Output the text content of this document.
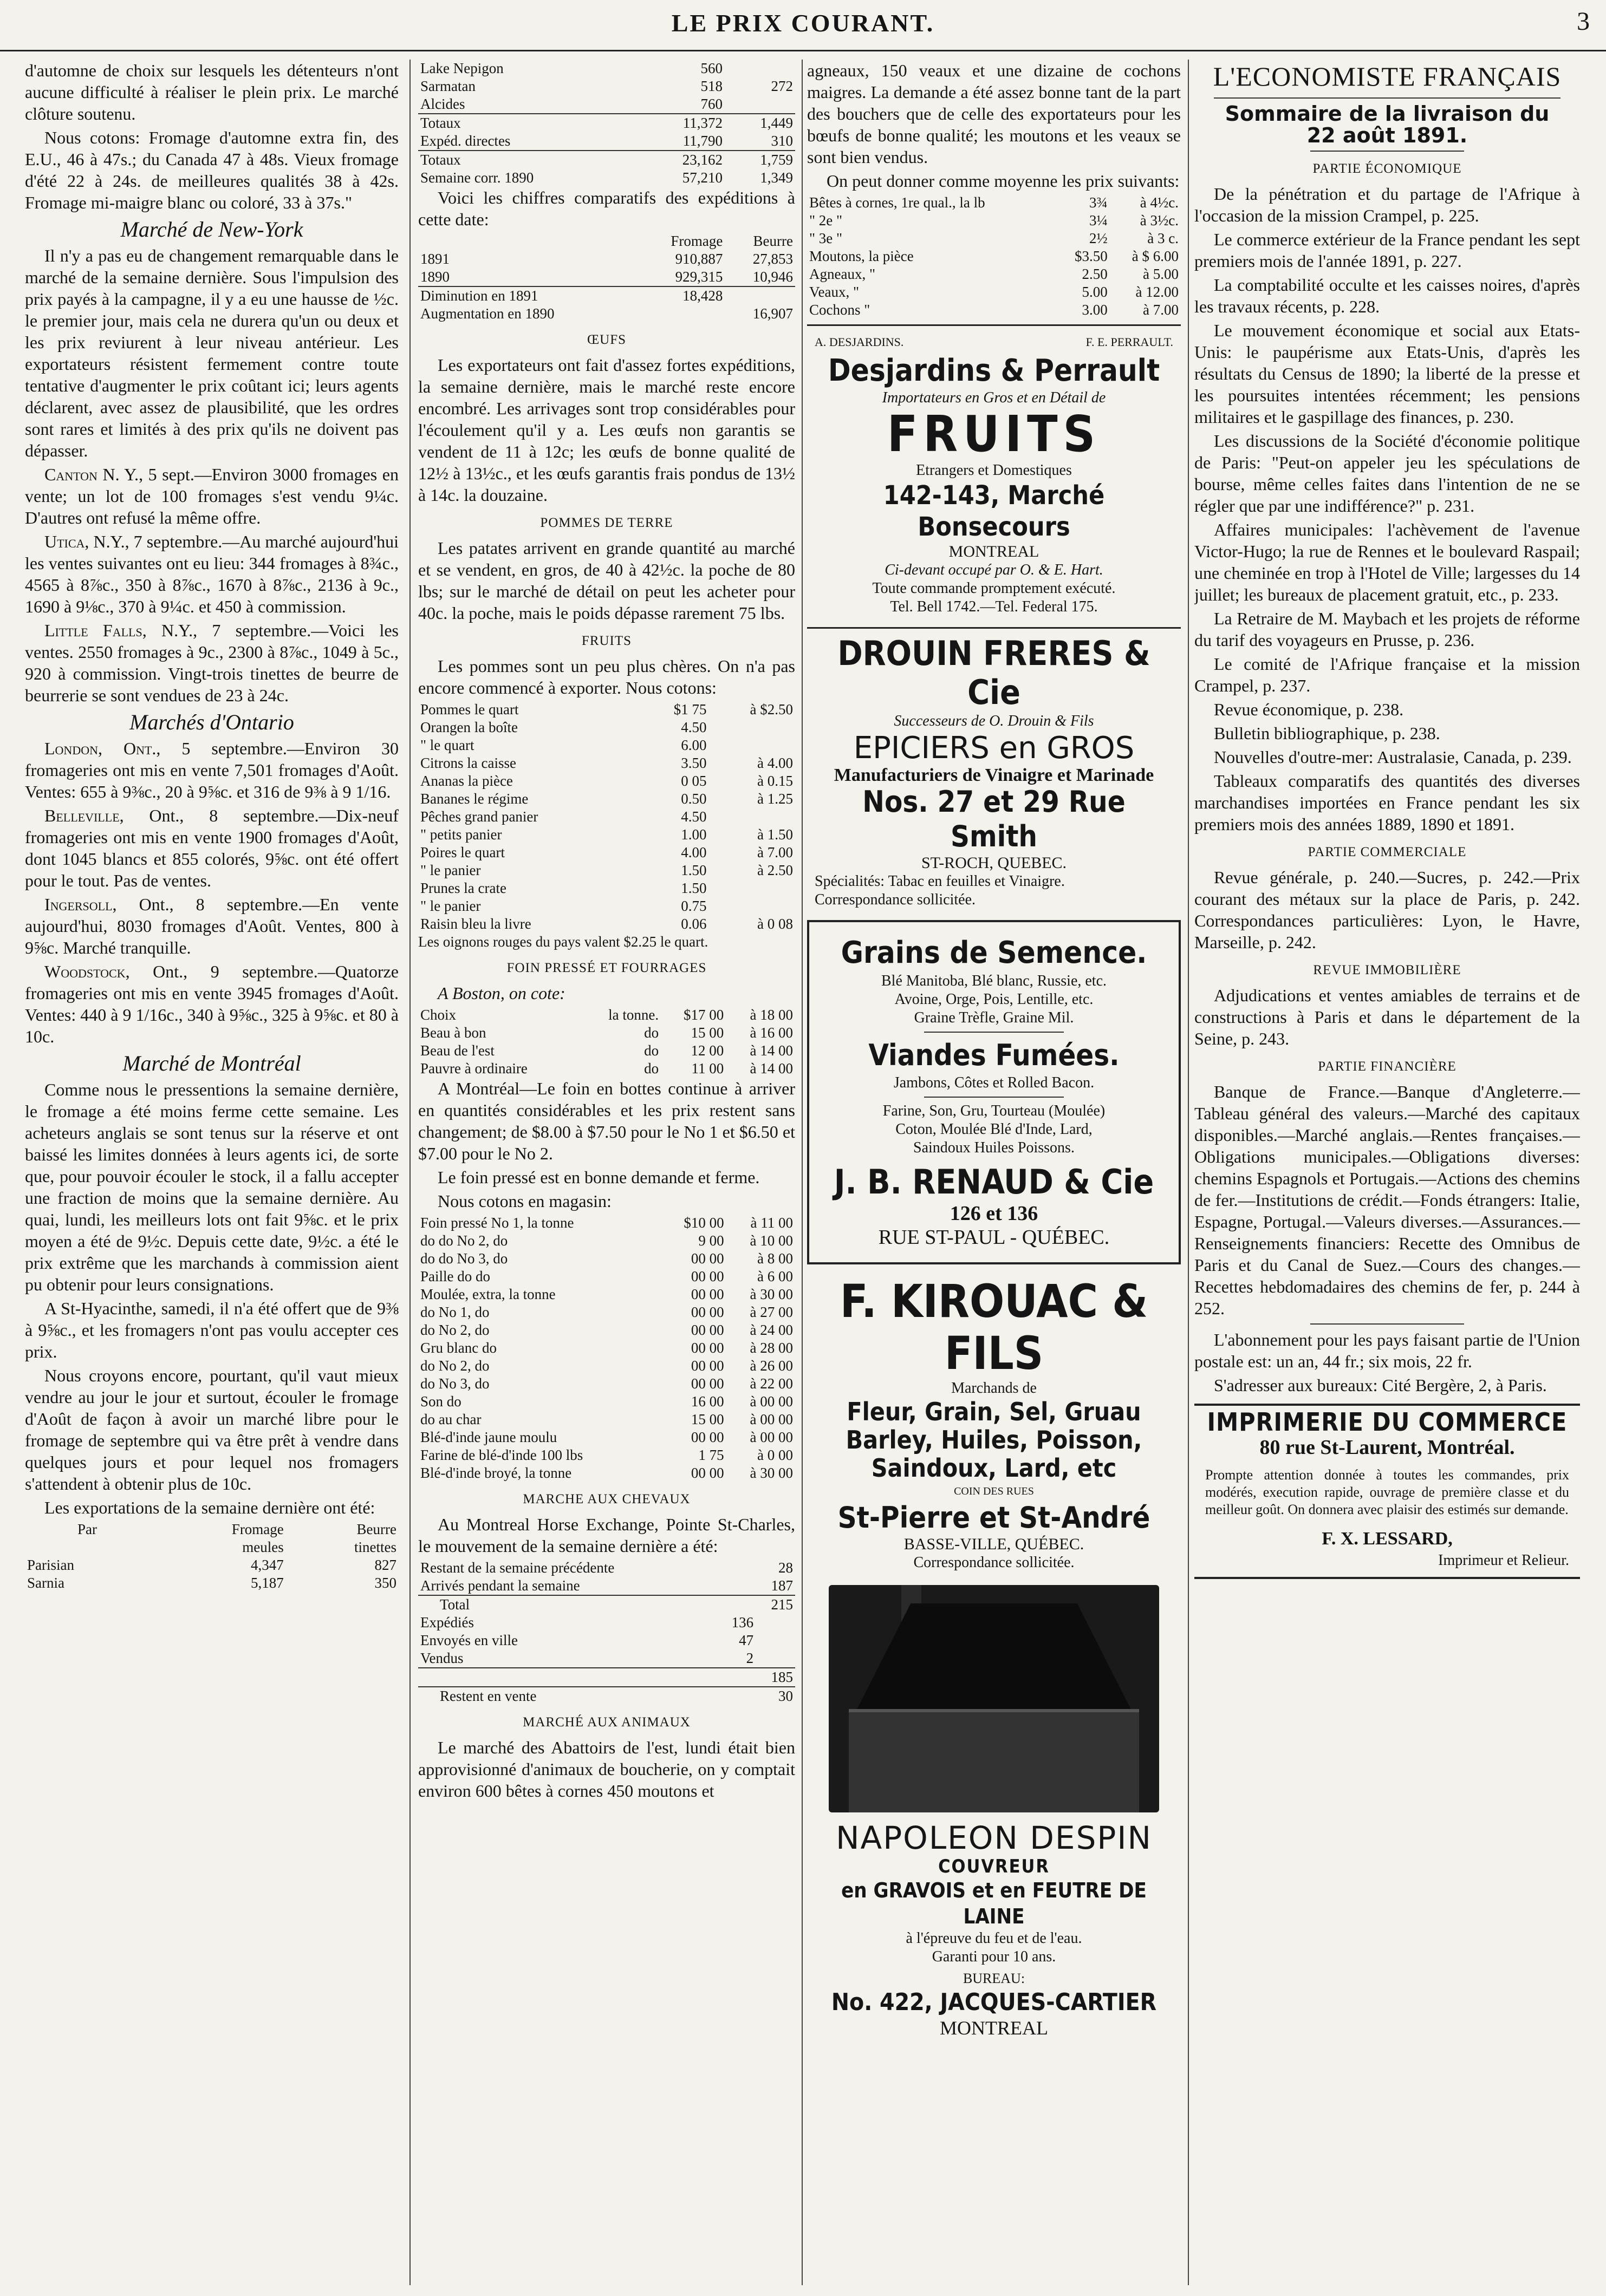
LE PRIX COURANT.	3

d'automne de choix sur lesquels les détenteurs n'ont aucune difficulté à réaliser le plein prix. Le marché clôture soutenu.

Nous cotons: Fromage d'automne extra fin, des E.U., 46 à 47s.; du Canada 47 à 48s. Vieux fromage d'été 22 à 24s. de meilleures qualités 38 à 42s. Fromage mi-maigre blanc ou coloré, 33 à 37s."

Marché de New-York

Il n'y a pas eu de changement remarquable dans le marché de la semaine dernière. Sous l'impulsion des prix payés à la campagne, il y a eu une hausse de ½c. le premier jour, mais cela ne durera qu'un ou deux et les prix reviurent à leur niveau antérieur. Les exportateurs résistent fermement contre toute tentative d'augmenter le prix coûtant ici; leurs agents déclarent, avec assez de plausibilité, que les ordres sont rares et limités à des prix qu'ils ne doivent pas dépasser.

Canton N. Y., 5 sept.—Environ 3000 fromages en vente; un lot de 100 fromages s'est vendu 9¼c. D'autres ont refusé la même offre.

Utica, N.Y., 7 septembre.—Au marché aujourd'hui les ventes suivantes ont eu lieu: 344 fromages à 8¾c., 4565 à 8⅞c., 350 à 8⅞c., 1670 à 8⅞c., 2136 à 9c., 1690 à 9⅛c., 370 à 9¼c. et 450 à commission.

Little Falls, N.Y., 7 septembre.—Voici les ventes. 2550 fromages à 9c., 2300 à 8⅞c., 1049 à 5c., 920 à commission. Vingt-trois tinettes de beurre de beurrerie se sont vendues de 23 à 24c.

Marchés d'Ontario

London, Ont., 5 septembre.—Environ 30 fromageries ont mis en vente 7,501 fromages d'Août. Ventes: 655 à 9⅜c., 20 à 9⅝c. et 316 de 9⅜ à 9 1/16.

Belleville, Ont., 8 septembre.—Dix-neuf fromageries ont mis en vente 1900 fromages d'Août, dont 1045 blancs et 855 colorés, 9⅝c. ont été offert pour le tout. Pas de ventes.

Ingersoll, Ont., 8 septembre.—En vente aujourd'hui, 8030 fromages d'Août. Ventes, 800 à 9⅝c. Marché tranquille.

Woodstock, Ont., 9 septembre.—Quatorze fromageries ont mis en vente 3945 fromages d'Août. Ventes: 440 à 9 1/16c., 340 à 9⅝c., 325 à 9⅝c. et 80 à 10c.

Marché de Montréal

Comme nous le pressentions la semaine dernière, le fromage a été moins ferme cette semaine. Les acheteurs anglais se sont tenus sur la réserve et ont baissé les limites données à leurs agents ici, de sorte que, pour pouvoir écouler le stock, il a fallu accepter une fraction de moins que la semaine dernière. Au quai, lundi, les meilleurs lots ont fait 9⅝c. et le prix moyen a été de 9½c. Depuis cette date, 9½c. a été le prix extrême que les marchands à commission aient pu obtenir pour leurs consignations.

A St-Hyacinthe, samedi, il n'a été offert que de 9⅜ à 9⅝c., et les fromagers n'ont pas voulu accepter ces prix.

Nous croyons encore, pourtant, qu'il vaut mieux vendre au jour le jour et surtout, écouler le fromage d'Août de façon à avoir un marché libre pour le fromage de septembre qui va être prêt à vendre dans quelques jours et pour lequel nos fromagers s'attendent à obtenir plus de 10c.

Les exportations de la semaine dernière ont été:

Par	Fromage	Beurre
	meules	tinettes
Parisian	4,347	827
Sarnia	5,187	350
Lake Nepigon	560	
Sarmatan	518	272
Alcides	760	
Totaux	11,372	1,449
Expéd. directes	11,790	310
Totaux	23,162	1,759
Semaine corr. 1890	57,210	1,349

Voici les chiffres comparatifs des expéditions à cette date:

	Fromage	Beurre
1891	910,887	27,853
1890	929,315	10,946
Diminution en 1891	18,428	
Augmentation en 1890		16,907
ŒUFS

Les exportateurs ont fait d'assez fortes expéditions, la semaine dernière, mais le marché reste encore encombré. Les arrivages sont trop considérables pour l'écoulement qu'il y a. Les œufs non garantis se vendent de 11 à 12c; les œufs de bonne qualité de 12½ à 13½c., et les œufs garantis frais pondus de 13½ à 14c. la douzaine.

POMMES DE TERRE

Les patates arrivent en grande quantité au marché et se vendent, en gros, de 40 à 42½c. la poche de 80 lbs; sur le marché de détail on peut les acheter pour 40c. la poche, mais le poids dépasse rarement 75 lbs.

FRUITS

Les pommes sont un peu plus chères. On n'a pas encore commencé à exporter. Nous cotons:

Pommes le quart	$1 75	à $2.50
Orangen la boîte	4.50	
" le quart	6.00	
Citrons la caisse	3.50	à 4.00
Ananas la pièce	0 05	à 0.15
Bananes le régime	0.50	à 1.25
Pêches grand panier	4.50	
" petits panier	1.00	à 1.50
Poires le quart	4.00	à 7.00
" le panier	1.50	à 2.50
Prunes la crate	1.50	
" le panier	0.75	
Raisin bleu la livre	0.06	à 0 08

Les oignons rouges du pays valent $2.25 le quart.

FOIN PRESSÉ ET FOURRAGES

A Boston, on cote:

Choix	la tonne.	$17 00	à 18 00
Beau à bon	do	15 00	à 16 00
Beau de l'est	do	12 00	à 14 00
Pauvre à ordinaire	do	11 00	à 14 00

A Montréal—Le foin en bottes continue à arriver en quantités considérables et les prix restent sans changement; de $8.00 à $7.50 pour le No 1 et $6.50 et $7.00 pour le No 2.

Le foin pressé est en bonne demande et ferme.

Nous cotons en magasin:

Foin pressé No 1, la tonne	$10 00	à 11 00
do do No 2, do	9 00	à 10 00
do do No 3, do	00 00	à 8 00
Paille do do	00 00	à 6 00
Moulée, extra, la tonne	00 00	à 30 00
do No 1, do	00 00	à 27 00
do No 2, do	00 00	à 24 00
Gru blanc do	00 00	à 28 00
do No 2, do	00 00	à 26 00
do No 3, do	00 00	à 22 00
Son do	16 00	à 00 00
do au char	15 00	à 00 00
Blé-d'inde jaune moulu	00 00	à 00 00
Farine de blé-d'inde 100 lbs	1 75	à 0 00
Blé-d'inde broyé, la tonne	00 00	à 30 00
MARCHE AUX CHEVAUX

Au Montreal Horse Exchange, Pointe St-Charles, le mouvement de la semaine dernière a été:

Restant de la semaine précédente		28
Arrivés pendant la semaine		187
Total		215
Expédiés	136	
Envoyés en ville	47	
Vendus	2	
		185
Restent en vente		30
MARCHÉ AUX ANIMAUX

Le marché des Abattoirs de l'est, lundi était bien approvisionné d'animaux de boucherie, on y comptait environ 600 bêtes à cornes 450 moutons et

agneaux, 150 veaux et une dizaine de cochons maigres. La demande a été assez bonne tant de la part des bouchers que de celle des exportateurs pour les bœufs de bonne qualité; les moutons et les veaux se sont bien vendus.

On peut donner comme moyenne les prix suivants:

Bêtes à cornes, 1re qual., la lb	3¾	à 4½c.
" 2e "	3¼	à 3½c.
" 3e "	2½	à 3 c.
Moutons, la pièce	$3.50	à $ 6.00
Agneaux, "	2.50	à 5.00
Veaux, "	5.00	à 12.00
Cochons "	3.00	à 7.00
A. DESJARDINS.	F. E. PERRAULT.
Desjardins & Perrault
Importateurs en Gros et en Détail de
FRUITS
Etrangers et Domestiques
142-143, Marché Bonsecours
MONTREAL
Ci-devant occupé par O. & E. Hart.
Toute commande promptement exécuté.
Tel. Bell 1742.—Tel. Federal 175.
DROUIN FRERES & Cie
Successeurs de O. Drouin & Fils
EPICIERS en GROS
Manufacturiers de Vinaigre et Marinade
Nos. 27 et 29 Rue Smith
ST-ROCH, QUEBEC.
Spécialités: Tabac en feuilles et Vinaigre.
Correspondance sollicitée.
Grains de Semence.
Blé Manitoba, Blé blanc, Russie, etc.
Avoine, Orge, Pois, Lentille, etc.
Graine Trèfle, Graine Mil.
Viandes Fumées.
Jambons, Côtes et Rolled Bacon.
Farine, Son, Gru, Tourteau (Moulée)
Coton, Moulée Blé d'Inde, Lard,
Saindoux Huiles Poissons.
J. B. RENAUD & Cie
126 et 136
RUE ST-PAUL - QUÉBEC.
F. KIROUAC & FILS
Marchands de
Fleur, Grain, Sel, Gruau
Barley, Huiles, Poisson,
Saindoux, Lard, etc
COIN DES RUES
St-Pierre et St-André
BASSE-VILLE, QUÉBEC.
Correspondance sollicitée.
NAPOLEON DESPIN
COUVREUR
en GRAVOIS et en FEUTRE DE LAINE
à l'épreuve du feu et de l'eau.
Garanti pour 10 ans.
BUREAU:
No. 422, JACQUES-CARTIER
MONTREAL
L'ECONOMISTE FRANÇAIS
Sommaire de la livraison du
22 août 1891.
PARTIE ÉCONOMIQUE

De la pénétration et du partage de l'Afrique à l'occasion de la mission Crampel, p. 225.

Le commerce extérieur de la France pendant les sept premiers mois de l'année 1891, p. 227.

La comptabilité occulte et les caisses noires, d'après les travaux récents, p. 228.

Le mouvement économique et social aux Etats-Unis: le paupérisme aux Etats-Unis, d'après les résultats du Census de 1890; la liberté de la presse et les poursuites intentées récemment; les pensions militaires et le gaspillage des finances, p. 230.

Les discussions de la Société d'économie politique de Paris: "Peut-on appeler jeu les spéculations de bourse, même celles faites dans l'intention de ne se régler que par une indifférence?" p. 231.

Affaires municipales: l'achèvement de l'avenue Victor-Hugo; la rue de Rennes et le boulevard Raspail; une cheminée en trop à l'Hotel de Ville; largesses du 14 juillet; les bureaux de placement gratuit, etc., p. 233.

La Retraire de M. Maybach et les projets de réforme du tarif des voyageurs en Prusse, p. 236.

Le comité de l'Afrique française et la mission Crampel, p. 237.

Revue économique, p. 238.

Bulletin bibliographique, p. 238.

Nouvelles d'outre-mer: Australasie, Canada, p. 239.

Tableaux comparatifs des quantités des diverses marchandises importées en France pendant les six premiers mois des années 1889, 1890 et 1891.

PARTIE COMMERCIALE

Revue générale, p. 240.—Sucres, p. 242.—Prix courant des métaux sur la place de Paris, p. 242. Correspondances particulières: Lyon, le Havre, Marseille, p. 242.

REVUE IMMOBILIÈRE

Adjudications et ventes amiables de terrains et de constructions à Paris et dans le département de la Seine, p. 243.

PARTIE FINANCIÈRE

Banque de France.—Banque d'Angleterre.—Tableau général des valeurs.—Marché des capitaux disponibles.—Marché anglais.—Rentes françaises.—Obligations municipales.—Obligations diverses: chemins Espagnols et Portugais.—Actions des chemins de fer.—Institutions de crédit.—Fonds étrangers: Italie, Espagne, Portugal.—Valeurs diverses.—Assurances.—Renseignements financiers: Recette des Omnibus de Paris et du Canal de Suez.—Cours des changes.—Recettes hebdomadaires des chemins de fer, p. 244 à 252.

L'abonnement pour les pays faisant partie de l'Union postale est: un an, 44 fr.; six mois, 22 fr.

S'adresser aux bureaux: Cité Bergère, 2, à Paris.

IMPRIMERIE DU COMMERCE
80 rue St-Laurent, Montréal.
Prompte attention donnée à toutes les commandes, prix modérés, execution rapide, ouvrage de première classe et du meilleur goût. On donnera avec plaisir des estimés sur demande.
F. X. LESSARD,
Imprimeur et Relieur.
